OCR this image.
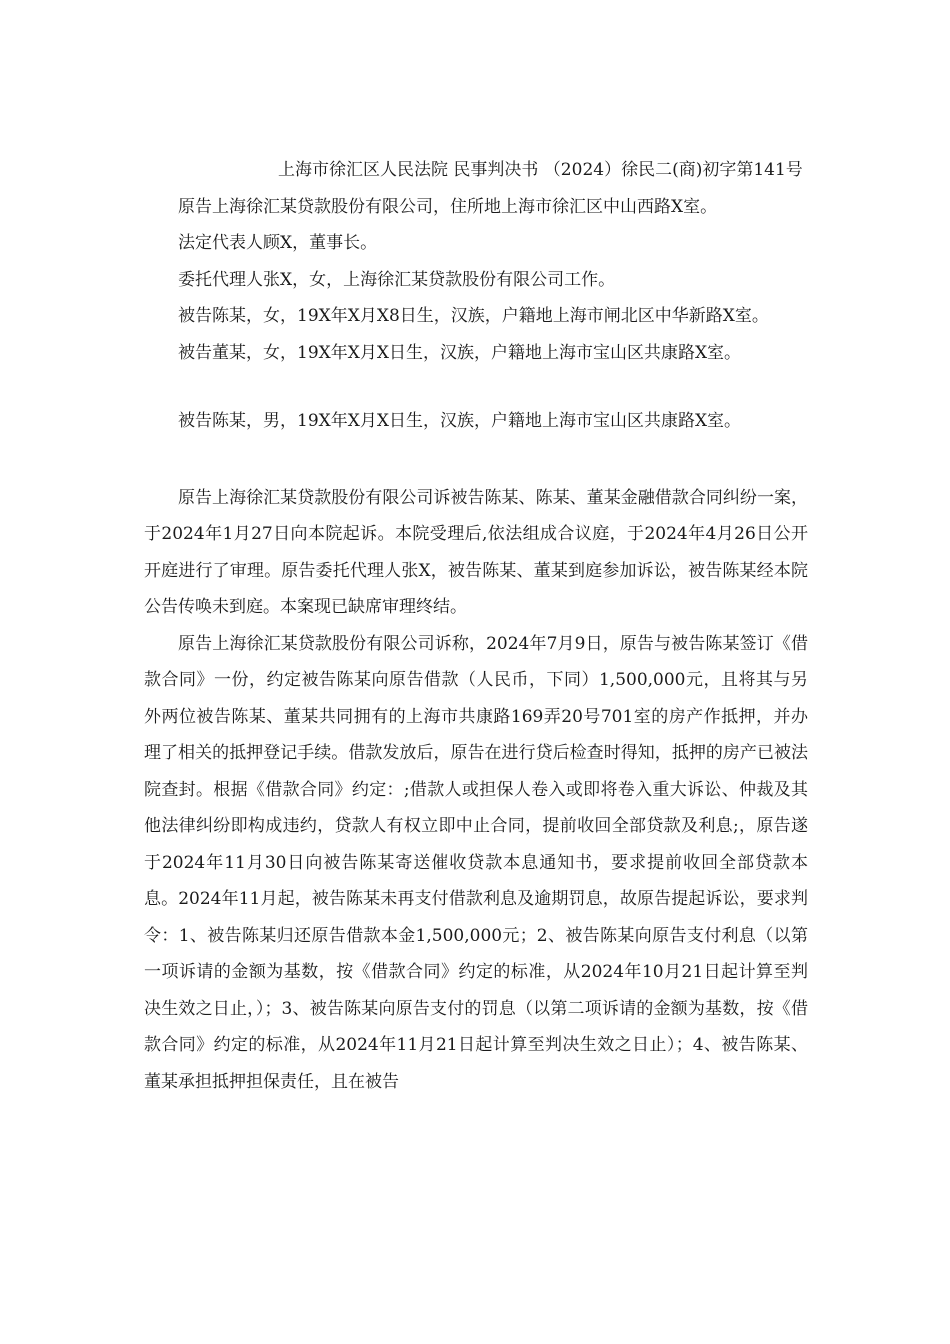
上海市徐汇区人民法院 民事判决书 （2024）徐民二(商)初字第141号

原告上海徐汇某贷款股份有限公司，住所地上海市徐汇区中山西路X室。

法定代表人顾X，董事长。

委托代理人张X，女，上海徐汇某贷款股份有限公司工作。

被告陈某，女，19X年X月X8日生，汉族，户籍地上海市闸北区中华新路X室。

被告董某，女，19X年X月X日生，汉族，户籍地上海市宝山区共康路X室。

被告陈某，男，19X年X月X日生，汉族，户籍地上海市宝山区共康路X室。

原告上海徐汇某贷款股份有限公司诉被告陈某、陈某、董某金融借款合同纠纷一案，于2024年1月27日向本院起诉。本院受理后,依法组成合议庭，于2024年4月26日公开开庭进行了审理。原告委托代理人张X，被告陈某、董某到庭参加诉讼，被告陈某经本院公告传唤未到庭。本案现已缺席审理终结。

原告上海徐汇某贷款股份有限公司诉称，2024年7月9日，原告与被告陈某签订《借款合同》一份，约定被告陈某向原告借款（人民币，下同）1,500,000元，且将其与另外两位被告陈某、董某共同拥有的上海市共康路169弄20号701室的房产作抵押，并办理了相关的抵押登记手续。借款发放后，原告在进行贷后检查时得知，抵押的房产已被法院查封。根据《借款合同》约定：;借款人或担保人卷入或即将卷入重大诉讼、仲裁及其他法律纠纷即构成违约，贷款人有权立即中止合同，提前收回全部贷款及利息;，原告遂于2024年11月30日向被告陈某寄送催收贷款本息通知书，要求提前收回全部贷款本息。2024年11月起，被告陈某未再支付借款利息及逾期罚息，故原告提起诉讼，要求判令：1、被告陈某归还原告借款本金1,500,000元；2、被告陈某向原告支付利息（以第一项诉请的金额为基数，按《借款合同》约定的标准，从2024年10月21日起计算至判决生效之日止，）；3、被告陈某向原告支付的罚息（以第二项诉请的金额为基数，按《借款合同》约定的标准，从2024年11月21日起计算至判决生效之日止）；4、被告陈某、董某承担抵押担保责任，且在被告
